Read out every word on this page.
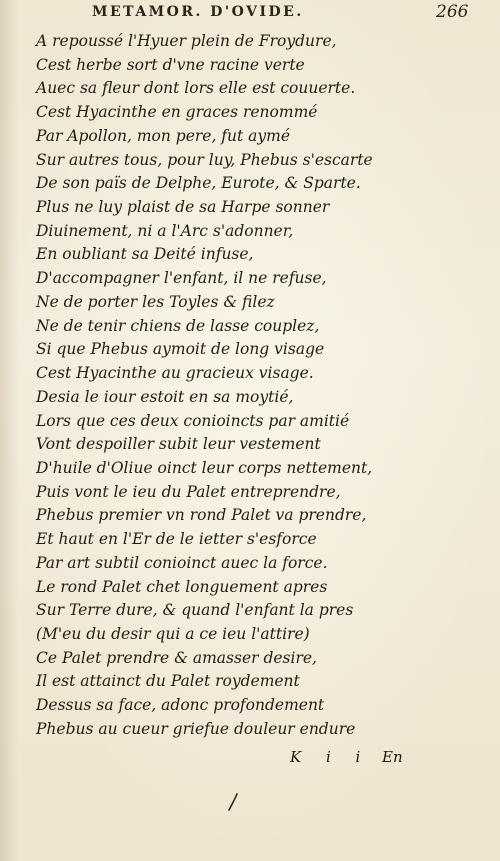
METAMOR. D'OVIDE.	266
A repoussé l'Hyuer plein de Froydure,
Cest herbe sort d'vne racine verte
Auec sa fleur dont lors elle est couuerte.
Cest Hyacinthe en graces renommé
Par Apollon, mon pere, fut aymé
Sur autres tous, pour luy, Phebus s'escarte
De son païs de Delphe, Eurote, & Sparte.
Plus ne luy plaist de sa Harpe sonner
Diuinement, ni a l'Arc s'adonner,
En oubliant sa Deité infuse,
D'accompagner l'enfant, il ne refuse,
Ne de porter les Toyles & filez
Ne de tenir chiens de lasse couplez,
Si que Phebus aymoit de long visage
Cest Hyacinthe au gracieux visage.
Desia le iour estoit en sa moytié,
Lors que ces deux conioincts par amitié
Vont despoiller subit leur vestement
D'huile d'Oliue oinct leur corps nettement,
Puis vont le ieu du Palet entreprendre,
Phebus premier vn rond Palet va prendre,
Et haut en l'Er de le ietter s'esforce
Par art subtil conioinct auec la force.
Le rond Palet chet longuement apres
Sur Terre dure, & quand l'enfant la pres
(M'eu du desir qui a ce ieu l'attire)
Ce Palet prendre & amasser desire,
Il est attainct du Palet roydement
Dessus sa face, adonc profondement
Phebus au cueur griefue douleur endure
K i i En
